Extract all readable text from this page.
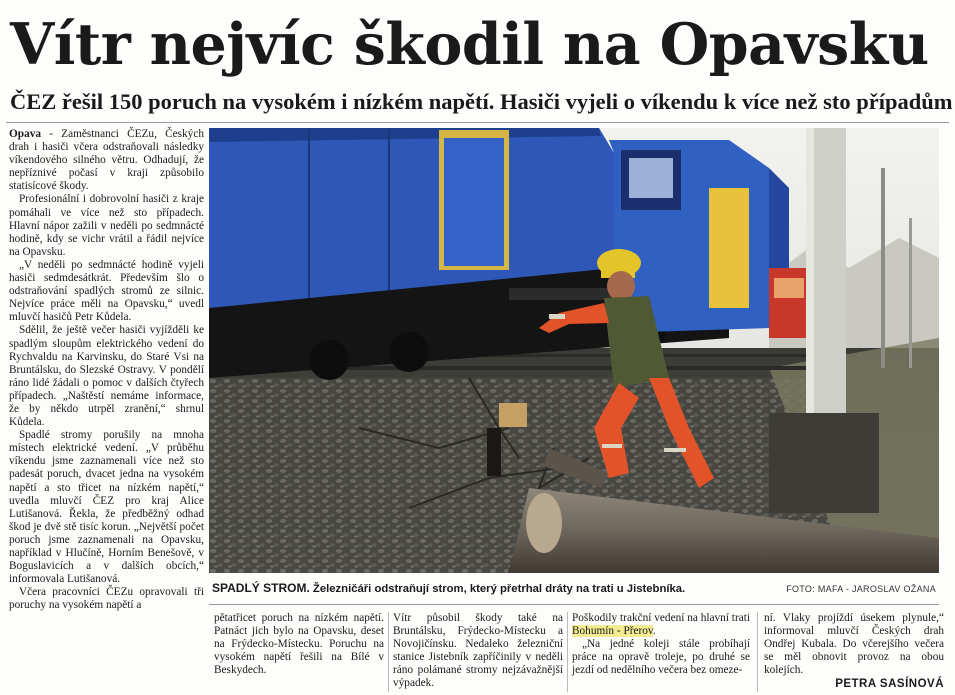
Vítr nejvíc škodil na Opavsku
ČEZ řešil 150 poruch na vysokém i nízkém napětí. Hasiči vyjeli o víkendu k více než sto případům

Opava - Zaměstnanci ČEZu, Českých drah i hasiči včera odstraňovali následky víkendového silného větru. Odhadují, že nepříznivé počasí v kraji způsobilo statisícové škody.

Profesionální i dobrovolní hasiči z kraje pomáhali ve více než sto případech. Hlavní nápor zažili v neděli po sedmnácté hodině, kdy se vichr vrátil a řádil nejvíce na Opavsku.

„V neděli po sedmnácté hodině vyjeli hasiči sedmdesátkrát. Především šlo o odstraňování spadlých stromů ze silnic. Nejvíce práce měli na Opavsku,“ uvedl mluvčí hasičů Petr Kůdela.

Sdělil, že ještě večer hasiči vyjížděli ke spadlým sloupům elektrického vedení do Rychvaldu na Karvinsku, do Staré Vsi na Bruntálsku, do Slezské Ostravy. V pondělí ráno lidé žádali o pomoc v dalších čtyřech případech. „Naštěstí nemáme informace, že by někdo utrpěl zranění,“ shrnul Kůdela.

Spadlé stromy porušily na mnoha místech elektrické vedení. „V průběhu víkendu jsme zaznamenali více než sto padesát poruch, dvacet jedna na vysokém napětí a sto třicet na nízkém napětí,“ uvedla mluvčí ČEZ pro kraj Alice Lutišanová. Řekla, že předběžný odhad škod je dvě stě tisíc korun. „Největší počet poruch jsme zaznamenali na Opavsku, například v Hlučíně, Horním Benešově, v Boguslavicích a v dalších obcích,“ informovala Lutišanová.

Včera pracovníci ČEZu opravovali tři poruchy na vysokém napětí a

SPADLÝ STROM. Železničáři odstraňují strom, který přetrhal dráty na trati u Jistebníka.	FOTO: MAFA - JAROSLAV OŽANA

pětatřicet poruch na nízkém napětí. Patnáct jich bylo na Opavsku, deset na Frýdecko-Místecku. Poruchu na vysokém napětí řešili na Bílé v Beskydech.

Vítr působil škody také na Bruntálsku, Frýdecko-Místecku a Novojičínsku. Nedaleko železniční stanice Jistebník zapříčinily v neděli ráno polámané stromy nejzávažnější výpadek.

Poškodily trakční vedení na hlavní trati Bohumín - Přerov.

„Na jedné koleji stále probíhají práce na opravě troleje, po druhé se jezdí od nedělního večera bez omeze-

ní. Vlaky projíždí úsekem plynule,“ informoval mluvčí Českých drah Ondřej Kubala. Do včerejšího večera se měl obnovit provoz na obou kolejích.

PETRA SASÍNOVÁ
